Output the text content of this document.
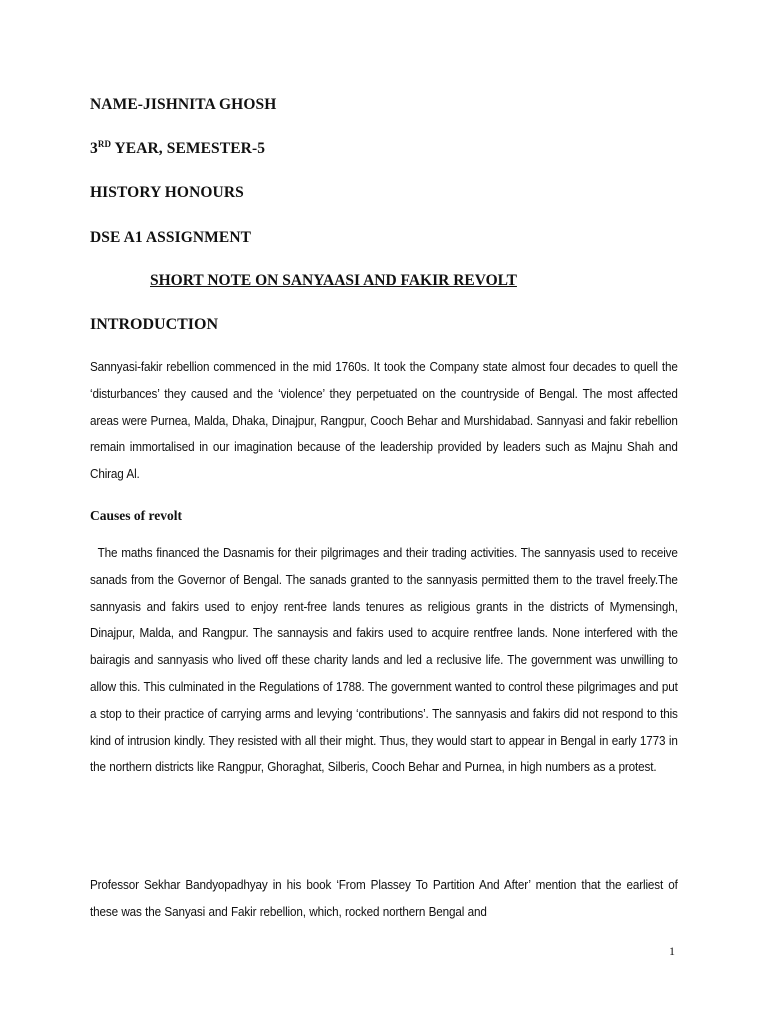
NAME-JISHNITA GHOSH
3RD YEAR, SEMESTER-5
HISTORY HONOURS
DSE A1 ASSIGNMENT
SHORT NOTE ON SANYAASI AND FAKIR REVOLT
INTRODUCTION
Sannyasi-fakir rebellion commenced in the mid 1760s. It took the Company state almost four decades to quell the ‘disturbances’ they caused and the ‘violence’ they perpetuated on the countryside of Bengal. The most affected areas were Purnea, Malda, Dhaka, Dinajpur, Rangpur, Cooch Behar and Murshidabad. Sannyasi and fakir rebellion remain immortalised in our imagination because of the leadership provided by leaders such as Majnu Shah and Chirag Al.
Causes of revolt
The maths financed the Dasnamis for their pilgrimages and their trading activities. The sannyasis used to receive sanads from the Governor of Bengal. The sanads granted to the sannyasis permitted them to the travel freely.The sannyasis and fakirs used to enjoy rent-free lands tenures as religious grants in the districts of Mymensingh, Dinajpur, Malda, and Rangpur. The sannaysis and fakirs used to acquire rentfree lands. None interfered with the bairagis and sannyasis who lived off these charity lands and led a reclusive life. The government was unwilling to allow this. This culminated in the Regulations of 1788. The government wanted to control these pilgrimages and put a stop to their practice of carrying arms and levying ‘contributions’. The sannyasis and fakirs did not respond to this kind of intrusion kindly. They resisted with all their might. Thus, they would start to appear in Bengal in early 1773 in the northern districts like Rangpur, Ghoraghat, Silberis, Cooch Behar and Purnea, in high numbers as a protest.
Professor Sekhar Bandyopadhyay in his book ‘From Plassey To Partition And After’ mention that the earliest of these was the Sanyasi and Fakir rebellion, which, rocked northern Bengal and
1
